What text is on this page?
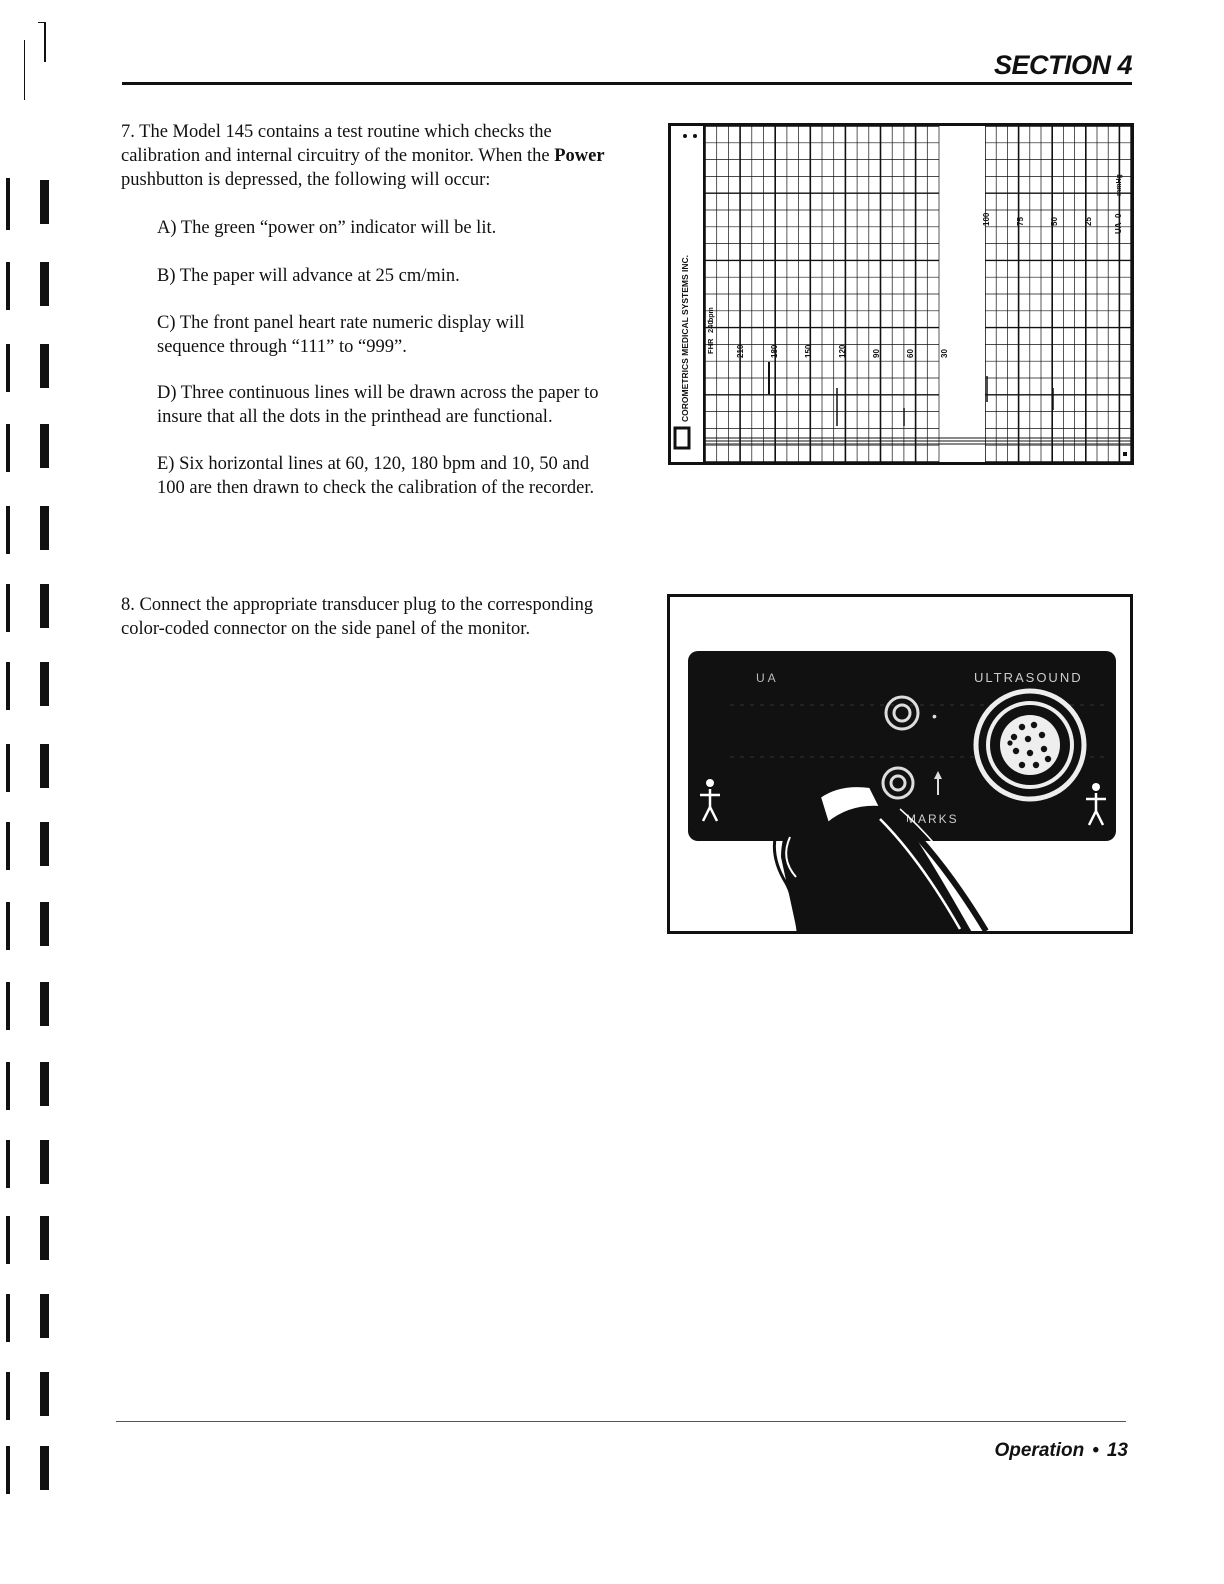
SECTION 4
7. The Model 145 contains a test routine which checks the calibration and internal circuitry of the monitor. When the Power pushbutton is depressed, the following will occur:
A) The green “power on” indicator will be lit.
B) The paper will advance at 25 cm/min.
C) The front panel heart rate numeric display will sequence through “111” to “999”.
D) Three continuous lines will be drawn across the paper to insure that all the dots in the printhead are functional.
E) Six horizontal lines at 60, 120, 180 bpm and 10, 50 and 100 are then drawn to check the calibration of the recorder.
8. Connect the appropriate transducer plug to the corresponding color-coded connector on the side panel of the monitor.
COROMETRICS MEDICAL SYSTEMS INC. FHR
240
bpm
210	180	150	120	90	60	30
100	75	50	25
UA
0
mmHg
UA	ULTRASOUND
MARKS
•
Operation • 13
